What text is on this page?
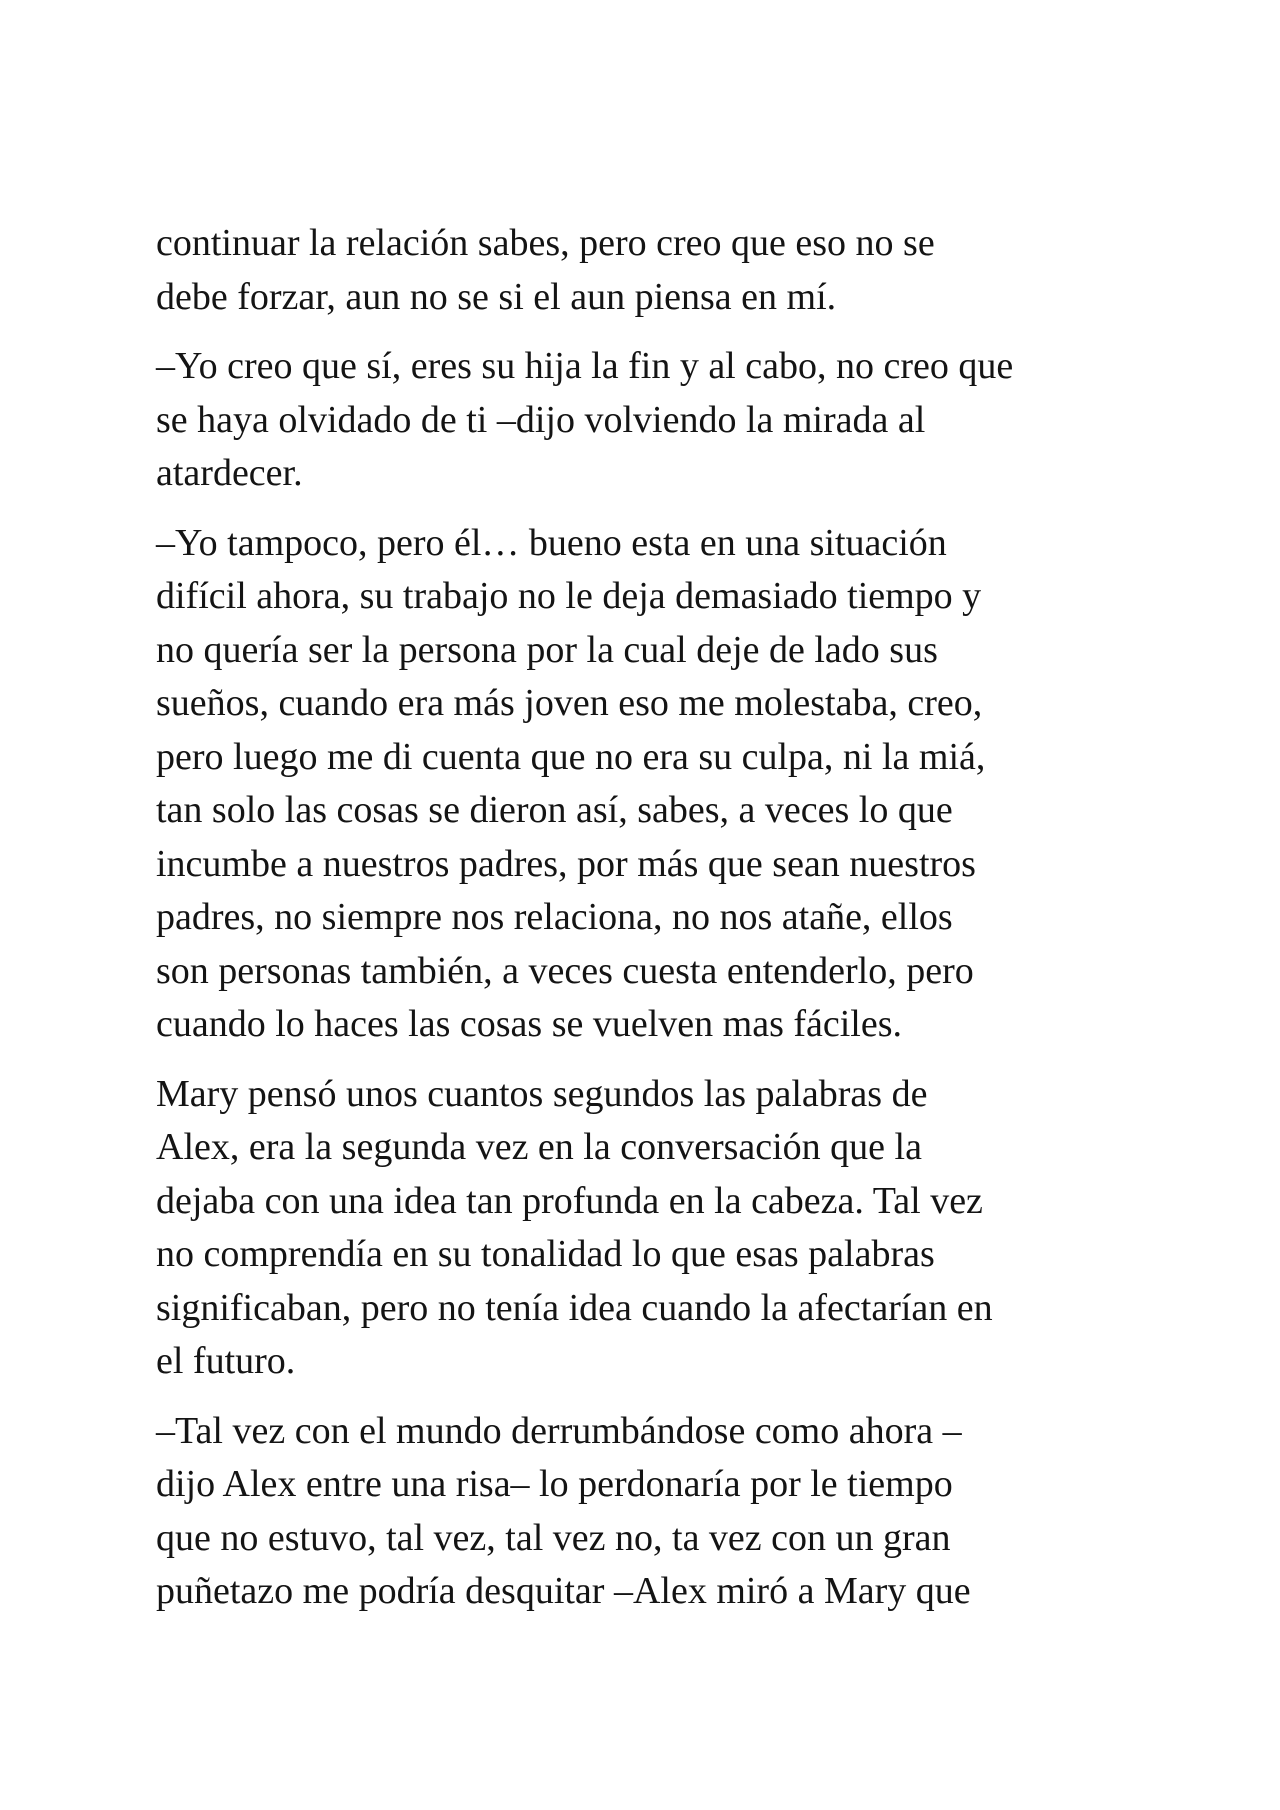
continuar la relación sabes, pero creo que eso no se
debe forzar, aun no se si el aun piensa en mí.

–Yo creo que sí, eres su hija la fin y al cabo, no creo que
se haya olvidado de ti –dijo volviendo la mirada al
atardecer.

–Yo tampoco, pero él… bueno esta en una situación
difícil ahora, su trabajo no le deja demasiado tiempo y
no quería ser la persona por la cual deje de lado sus
sueños, cuando era más joven eso me molestaba, creo,
pero luego me di cuenta que no era su culpa, ni la miá,
tan solo las cosas se dieron así, sabes, a veces lo que
incumbe a nuestros padres, por más que sean nuestros
padres, no siempre nos relaciona, no nos atañe, ellos
son personas también, a veces cuesta entenderlo, pero
cuando lo haces las cosas se vuelven mas fáciles.

Mary pensó unos cuantos segundos las palabras de
Alex, era la segunda vez en la conversación que la
dejaba con una idea tan profunda en la cabeza. Tal vez
no comprendía en su tonalidad lo que esas palabras
significaban, pero no tenía idea cuando la afectarían en
el futuro.

–Tal vez con el mundo derrumbándose como ahora –
dijo Alex entre una risa– lo perdonaría por le tiempo
que no estuvo, tal vez, tal vez no, ta vez con un gran
puñetazo me podría desquitar –Alex miró a Mary que
